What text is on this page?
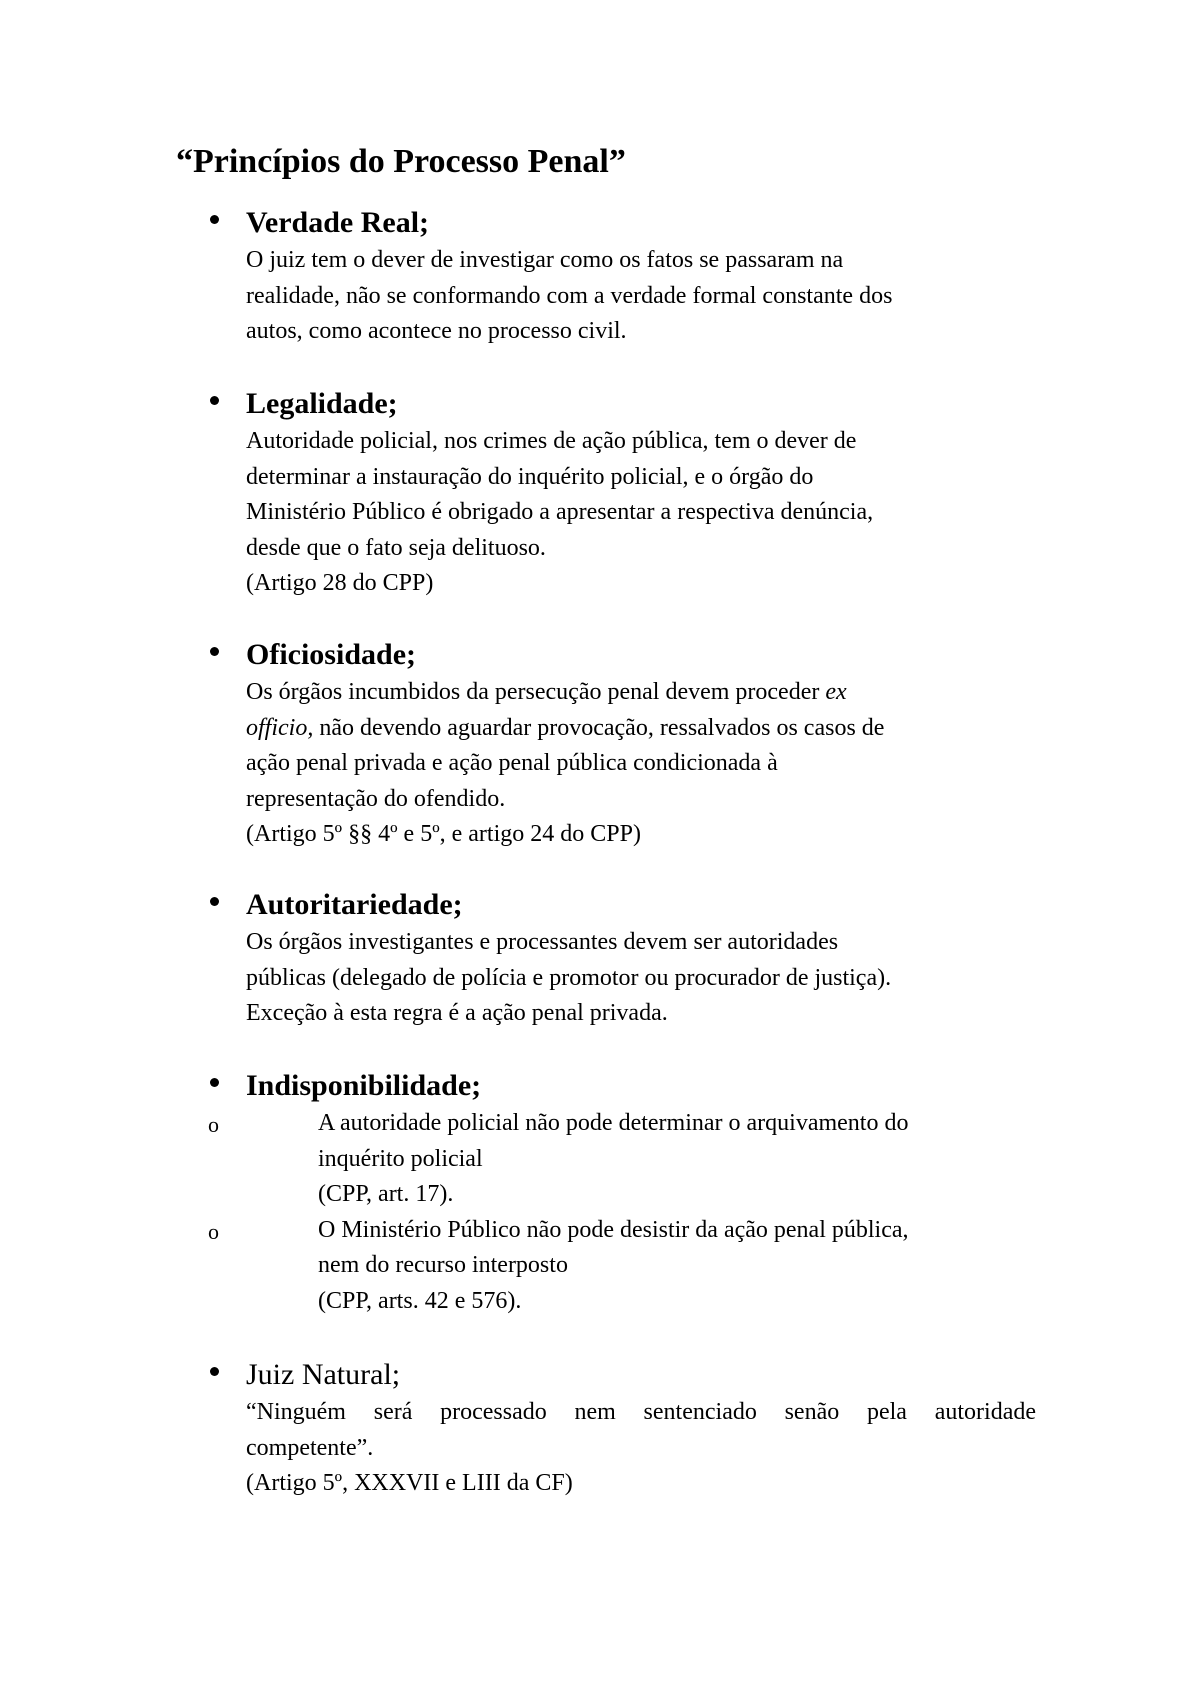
“Princípios do Processo Penal”
Verdade Real;
O juiz tem o dever de investigar como os fatos se passaram na
realidade, não se conformando com a verdade formal constante dos
autos, como acontece no processo civil.
Legalidade;
Autoridade policial, nos crimes de ação pública, tem o dever de
determinar a instauração do inquérito policial, e o órgão do
Ministério Público é obrigado a apresentar a respectiva denúncia,
desde que o fato seja delituoso.
(Artigo 28 do CPP)
Oficiosidade;
Os órgãos incumbidos da persecução penal devem proceder ex
officio, não devendo aguardar provocação, ressalvados os casos de
ação penal privada e ação penal pública condicionada à
representação do ofendido.
(Artigo 5º §§ 4º e 5º, e artigo 24 do CPP)
Autoritariedade;
Os órgãos investigantes e processantes devem ser autoridades
públicas (delegado de polícia e promotor ou procurador de justiça).
Exceção à esta regra é a ação penal privada.
Indisponibilidade;
o	A autoridade policial não pode determinar o arquivamento do
inquérito policial
(CPP, art. 17).
o	O Ministério Público não pode desistir da ação penal pública,
nem do recurso interposto
(CPP, arts. 42 e 576).
Juiz Natural;
“Ninguém será processado nem sentenciado senão pela autoridade
competente”.
(Artigo 5º, XXXVII e LIII da CF)
